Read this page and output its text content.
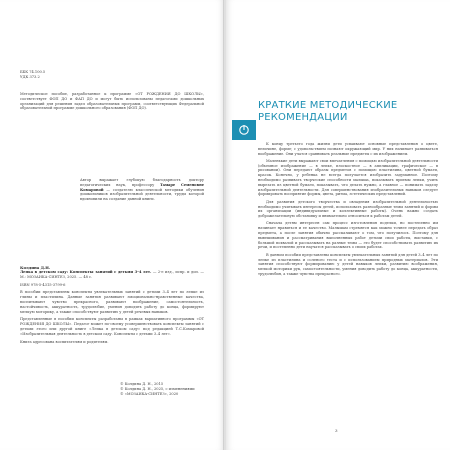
ББК 74.100.5
УДК 373.2
Методическое пособие, разработанное к программе «ОТ РОЖДЕНИЯ ДО ШКОЛЫ», соответствует ФОП ДО и ФАП ДО и могут быть использованы педагогами дошкольных организаций для решения задач образовательных программ, соответствующих Федеральной образовательной программе дошкольного образования (ФОП ДО).
Автор выражает глубокую благодарность доктору педагогических наук, профессору Тамаре Семеновне Комаровой — создателю классической методики обучения дошкольников изобразительной деятельности, труды которой вдохновили на создание данной книги.
Колдина Д.Н.

Лепка в детском саду: Конспекты занятий с детьми 3–4 лет. — 2-е изд., испр. и доп. — М.: МОЗАИКА-СИНТЕЗ, 2025. — 48 с.

ISBN 978-5-4315-3799-6

В пособии представлены конспекты увлекательных занятий с детьми 3–4 лет по лепке из глины и пластилина. Данные занятия развивают эмоционально-нравственные качества, воспитывают чувство прекрасного, развивают воображение, самостоятельность, настойчивость, аккуратность, трудолюбие, умения доводить работу до конца, формируют мелкую моторику, а также способствуют развитию у детей речевых навыков.

Представленные в пособии конспекты разработаны в рамках вариативного программы «ОТ РОЖДЕНИЯ ДО ШКОЛЫ». Педагог может по-своему усовершенствовать конспекты занятий с детьми этого или другой книге «Лепка в детском саду» под редакцией Т.С.Комаровой «Изобразительная деятельность в детском саду. Конспекты с детьми 3–4 лет».

Книга адресована воспитателям и родителям.

© Колдина Д. Н., 2015
© Колдина Д. Н., 2025, с изменениями
© «МОЗАИКА-СИНТЕЗ», 2020
КРАТКИЕ МЕТОДИЧЕСКИЕ РЕКОМЕНДАЦИИ

К концу третьего года жизни дети усваивают основные представления о цвете, величине, форме; с удовольствием познают окружающий мир. У них начинает развиваться воображение. Они учатся сравнивать реальные предметы с их изображением.

Маленькие дети выражают свои впечатления с помощью изобразительной деятельности (объемное изображение — в лепке, плоскостное — в аппликации, графическое — в рисовании). Они передают образы предметов с помощью пластилина, цветной бумаги, красок. Конечно, у ребенка не всегда получается изобразить задуманное. Поэтому необходимо развивать творческие способности малыша, показывать приемы лепки, учить вырезать из цветной бумаги, показывать, что делать нужно, а главное — понимать задачу изобразительной деятельности. Для совершенствования изобразительных навыков следует формировать восприятие формы, цвета, ритма, эстетических представлений.

Для развития детского творчества и овладения изобразительной деятельностью необходимо учитывать интересы детей, использовать разнообразные темы занятий и формы их организации (индивидуальные и коллективные работы). Очень важно создать доброжелательную обстановку и внимательно относиться к работам детей.

Сначала детям интересен сам процесс изготовления поделки, но постепенно им начинает нравиться и ее качество. Малышам стремятся как можно точнее передать образ предмета, а после занятия обычно рассказывают о том, что получилось. Поэтому для вывешивания и рассматривания выполненных работ детьми свои работы, выставки, с большой похвалой и рассказывать на разные темы — это будет способствовать развитию их речи, и постепенно дети научатся рассказывать о своих работах.

В данном пособии представлены конспекты увлекательных занятий для детей 3–4 лет по лепке из пластилина и соленого теста и с использованием природных материалов. Эти занятия способствуют формированию у детей навыков лепки, развитию воображения, мелкой моторики рук, самостоятельности, умения доводить работу до конца, аккуратности, трудолюбия, а также чувства прекрасного.

3
